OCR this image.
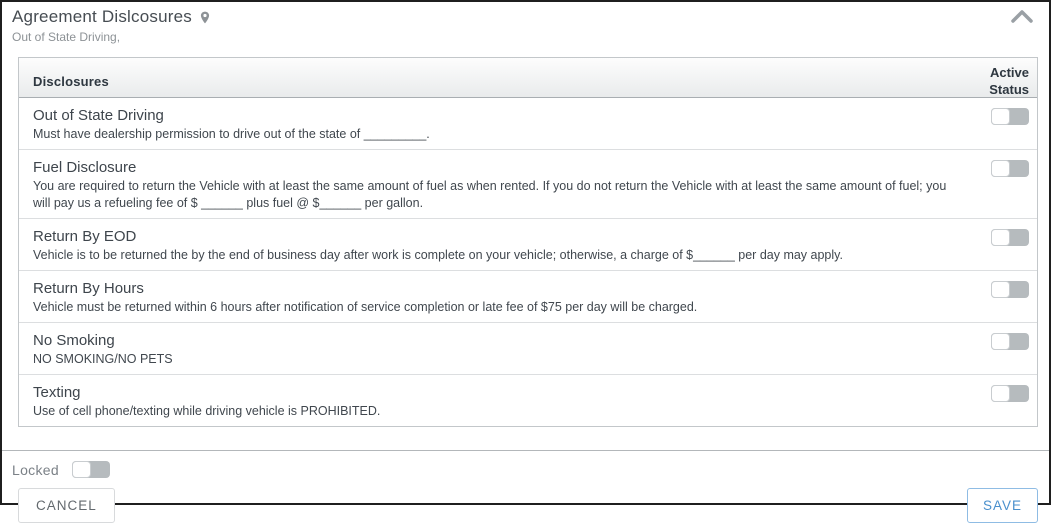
Agreement Dislcosures
Out of State Driving,
Disclosures
Active Status
Out of State Driving
Must have dealership permission to drive out of the state of _________.
Fuel Disclosure
You are required to return the Vehicle with at least the same amount of fuel as when rented. If you do not return the Vehicle with at least the same amount of fuel; you will pay us a refueling fee of $ ______ plus fuel @ $______ per gallon.
Return By EOD
Vehicle is to be returned the by the end of business day after work is complete on your vehicle; otherwise, a charge of $______ per day may apply.
Return By Hours
Vehicle must be returned within 6 hours after notification of service completion or late fee of $75 per day will be charged.
No Smoking
NO SMOKING/NO PETS
Texting
Use of cell phone/texting while driving vehicle is PROHIBITED.
Locked
CANCEL	SAVE
